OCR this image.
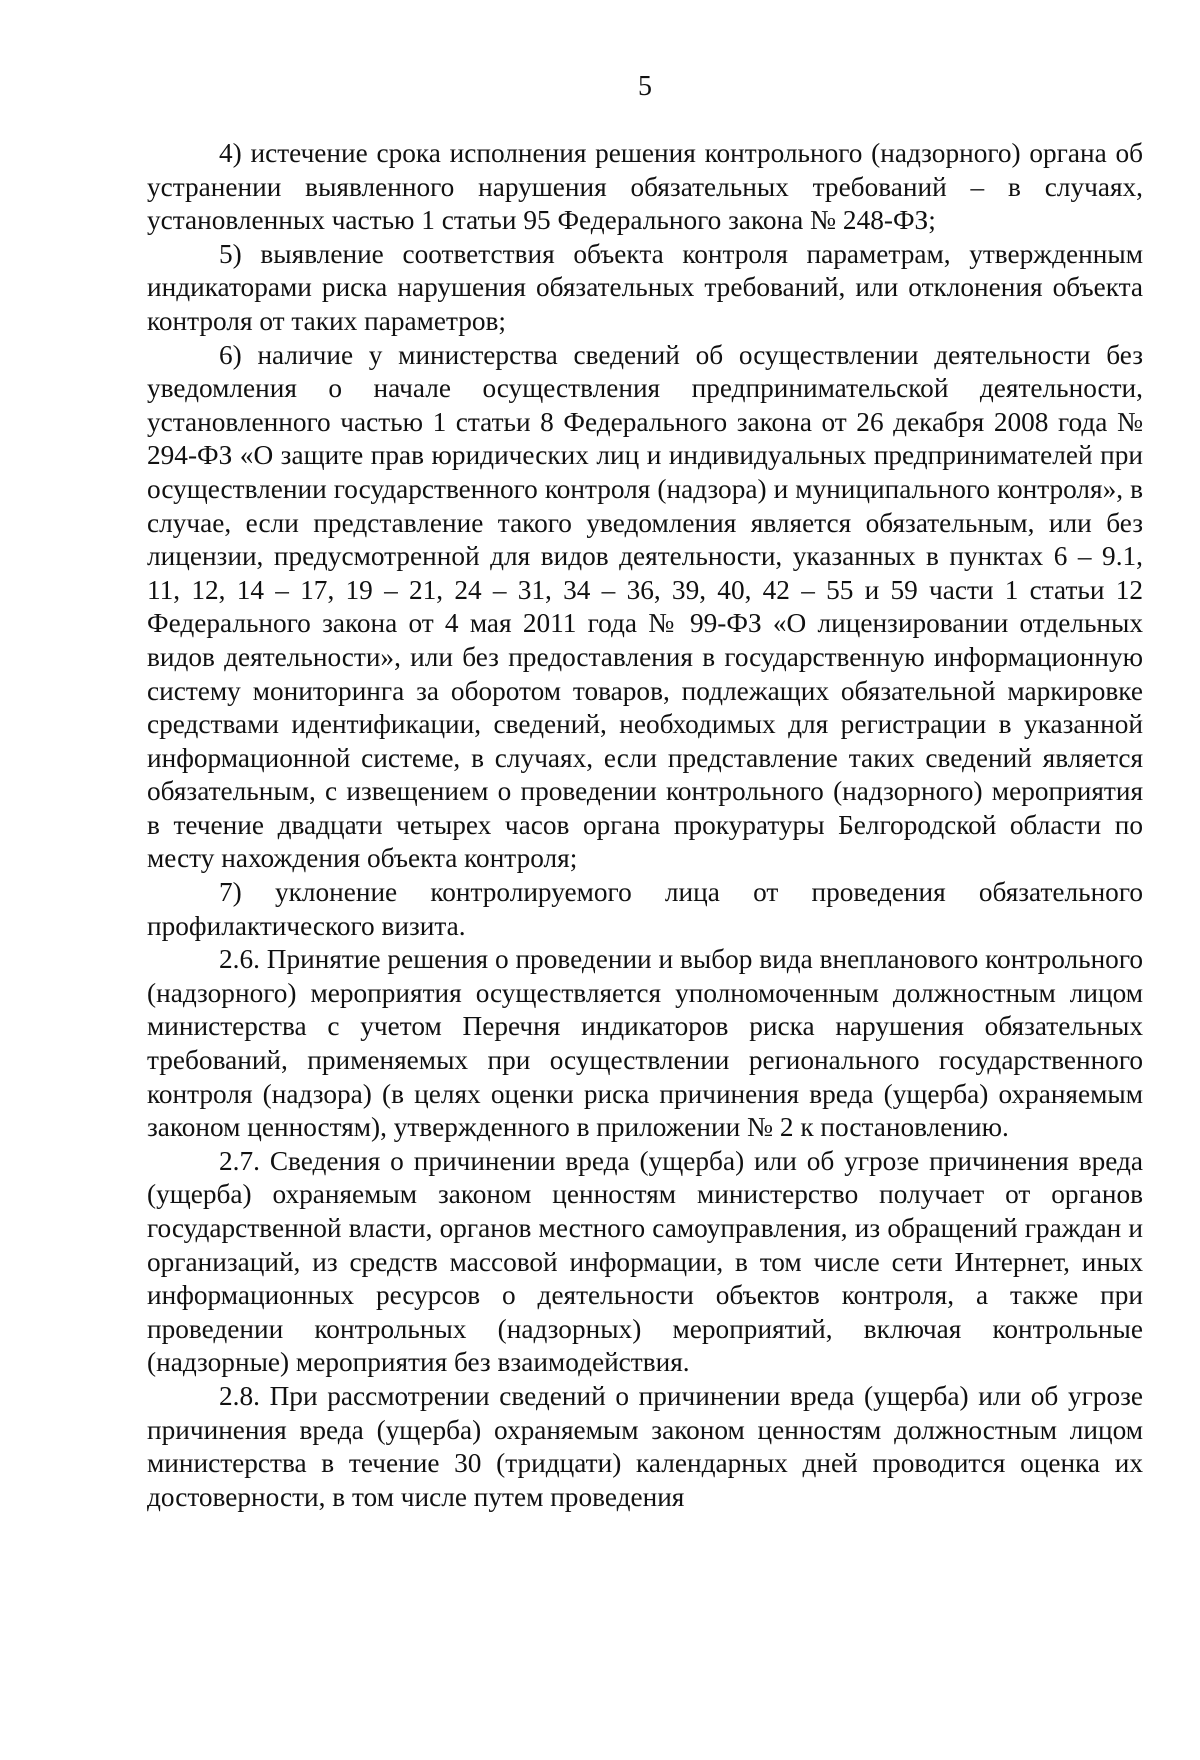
5

4) истечение срока исполнения решения контрольного (надзорного) органа об устранении выявленного нарушения обязательных требований – в случаях, установленных частью 1 статьи 95 Федерального закона № 248-ФЗ;

5) выявление соответствия объекта контроля параметрам, утвержденным индикаторами риска нарушения обязательных требований, или отклонения объекта контроля от таких параметров;

6) наличие у министерства сведений об осуществлении деятельности без уведомления о начале осуществления предпринимательской деятельности, установленного частью 1 статьи 8 Федерального закона от 26 декабря 2008 года № 294-ФЗ «О защите прав юридических лиц и индивидуальных предпринимателей при осуществлении государственного контроля (надзора) и муниципального контроля», в случае, если представление такого уведомления является обязательным, или без лицензии, предусмотренной для видов деятельности, указанных в пунктах 6 – 9.1, 11, 12, 14 – 17, 19 – 21, 24 – 31, 34 – 36, 39, 40, 42 – 55 и 59 части 1 статьи 12 Федерального закона от 4 мая 2011 года № 99-ФЗ «О лицензировании отдельных видов деятельности», или без предоставления в государственную информационную систему мониторинга за оборотом товаров, подлежащих обязательной маркировке средствами идентификации, сведений, необходимых для регистрации в указанной информационной системе, в случаях, если представление таких сведений является обязательным, с извещением о проведении контрольного (надзорного) мероприятия в течение двадцати четырех часов органа прокуратуры Белгородской области по месту нахождения объекта контроля;

7) уклонение контролируемого лица от проведения обязательного профилактического визита.

2.6. Принятие решения о проведении и выбор вида внепланового контрольного (надзорного) мероприятия осуществляется уполномоченным должностным лицом министерства с учетом Перечня индикаторов риска нарушения обязательных требований, применяемых при осуществлении регионального государственного контроля (надзора) (в целях оценки риска причинения вреда (ущерба) охраняемым законом ценностям), утвержденного в приложении № 2 к постановлению.

2.7. Сведения о причинении вреда (ущерба) или об угрозе причинения вреда (ущерба) охраняемым законом ценностям министерство получает от органов государственной власти, органов местного самоуправления, из обращений граждан и организаций, из средств массовой информации, в том числе сети Интернет, иных информационных ресурсов о деятельности объектов контроля, а также при проведении контрольных (надзорных) мероприятий, включая контрольные (надзорные) мероприятия без взаимодействия.

2.8. При рассмотрении сведений о причинении вреда (ущерба) или об угрозе причинения вреда (ущерба) охраняемым законом ценностям должностным лицом министерства в течение 30 (тридцати) календарных дней проводится оценка их достоверности, в том числе путем проведения
